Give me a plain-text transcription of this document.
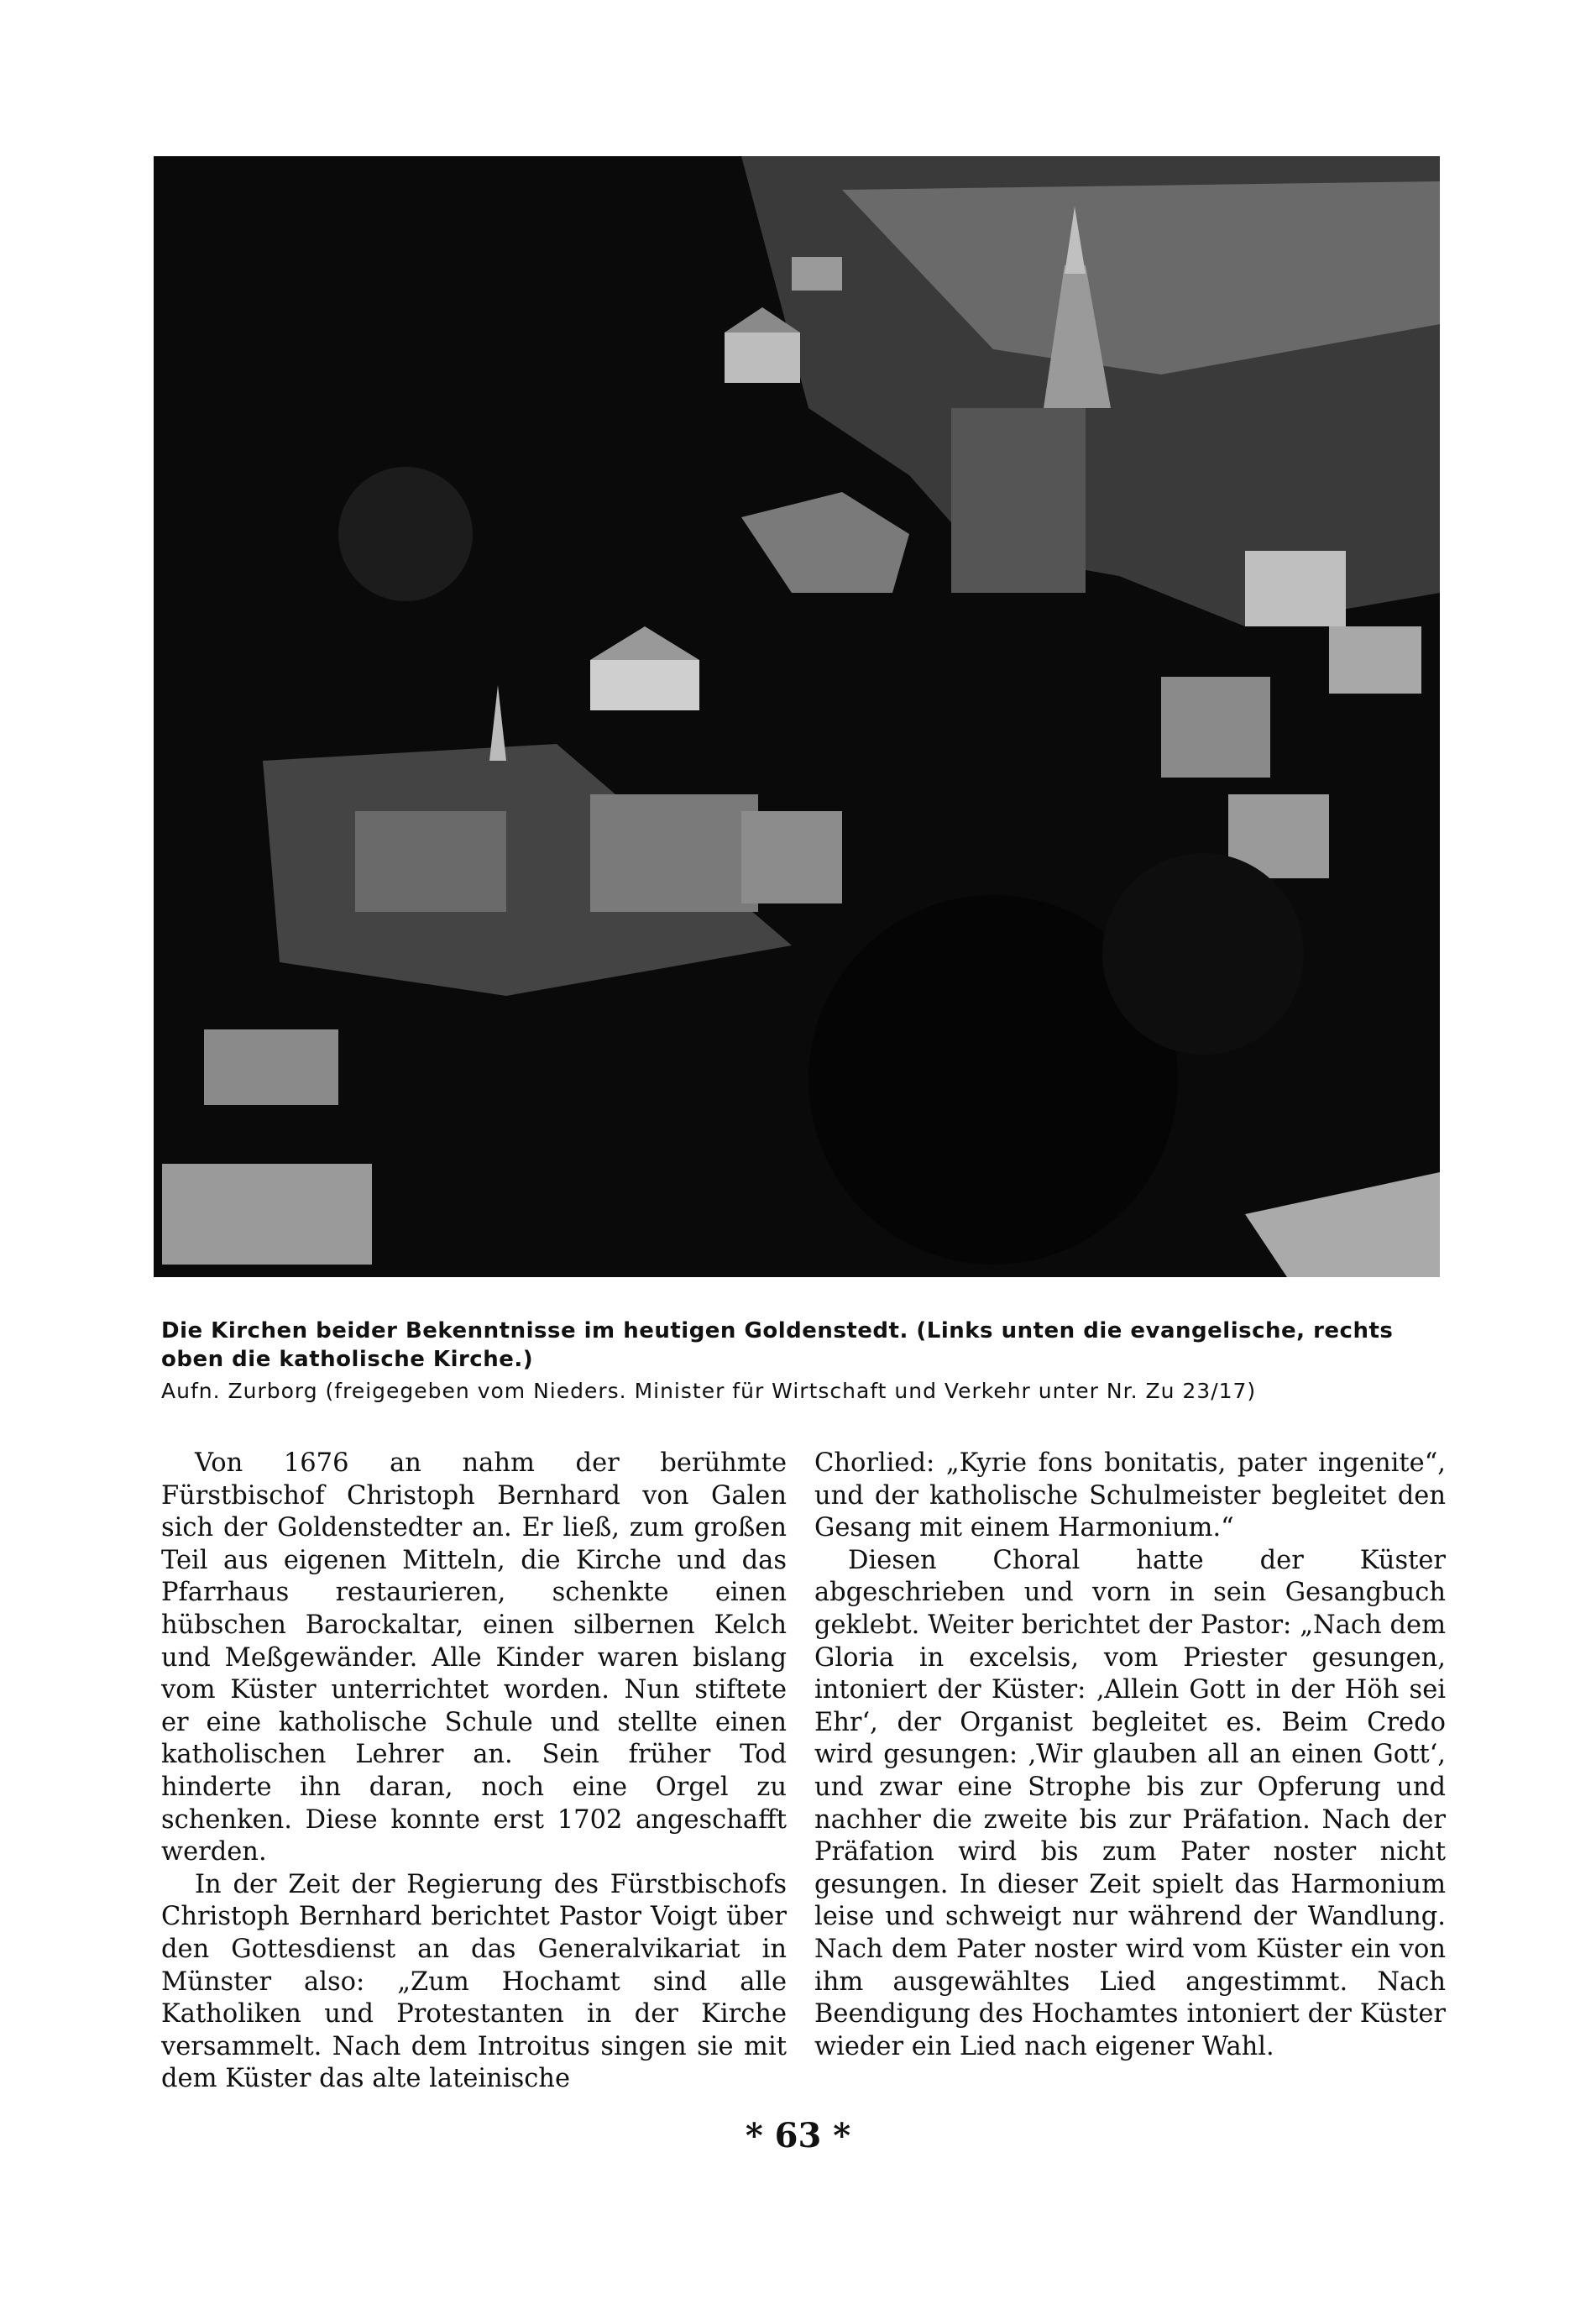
Die Kirchen beider Bekenntnisse im heutigen Goldenstedt. (Links unten die evangelische, rechts oben die katholische Kirche.)
Aufn. Zurborg (freigegeben vom Nieders. Minister für Wirtschaft und Verkehr unter Nr. Zu 23/17)

Von 1676 an nahm der berühmte Fürstbischof Christoph Bernhard von Galen sich der Goldenstedter an. Er ließ, zum großen Teil aus eigenen Mitteln, die Kirche und das Pfarrhaus restaurieren, schenkte einen hübschen Barockaltar, einen silbernen Kelch und Meßgewänder. Alle Kinder waren bislang vom Küster unterrichtet worden. Nun stiftete er eine katholische Schule und stellte einen katholischen Lehrer an. Sein früher Tod hinderte ihn daran, noch eine Orgel zu schenken. Diese konnte erst 1702 angeschafft werden.

In der Zeit der Regierung des Fürstbischofs Christoph Bernhard berichtet Pastor Voigt über den Gottesdienst an das Generalvikariat in Münster also: „Zum Hochamt sind alle Katholiken und Protestanten in der Kirche versammelt. Nach dem Introitus singen sie mit dem Küster das alte lateinische

Chorlied: „Kyrie fons bonitatis, pater ingenite“, und der katholische Schulmeister begleitet den Gesang mit einem Harmonium.“

Diesen Choral hatte der Küster abgeschrieben und vorn in sein Gesangbuch geklebt. Weiter berichtet der Pastor: „Nach dem Gloria in excelsis, vom Priester gesungen, intoniert der Küster: ‚Allein Gott in der Höh sei Ehr‘, der Organist begleitet es. Beim Credo wird gesungen: ‚Wir glauben all an einen Gott‘, und zwar eine Strophe bis zur Opferung und nachher die zweite bis zur Präfation. Nach der Präfation wird bis zum Pater noster nicht gesungen. In dieser Zeit spielt das Harmonium leise und schweigt nur während der Wandlung. Nach dem Pater noster wird vom Küster ein von ihm ausgewähltes Lied angestimmt. Nach Beendigung des Hochamtes intoniert der Küster wieder ein Lied nach eigener Wahl.

* 63 *
